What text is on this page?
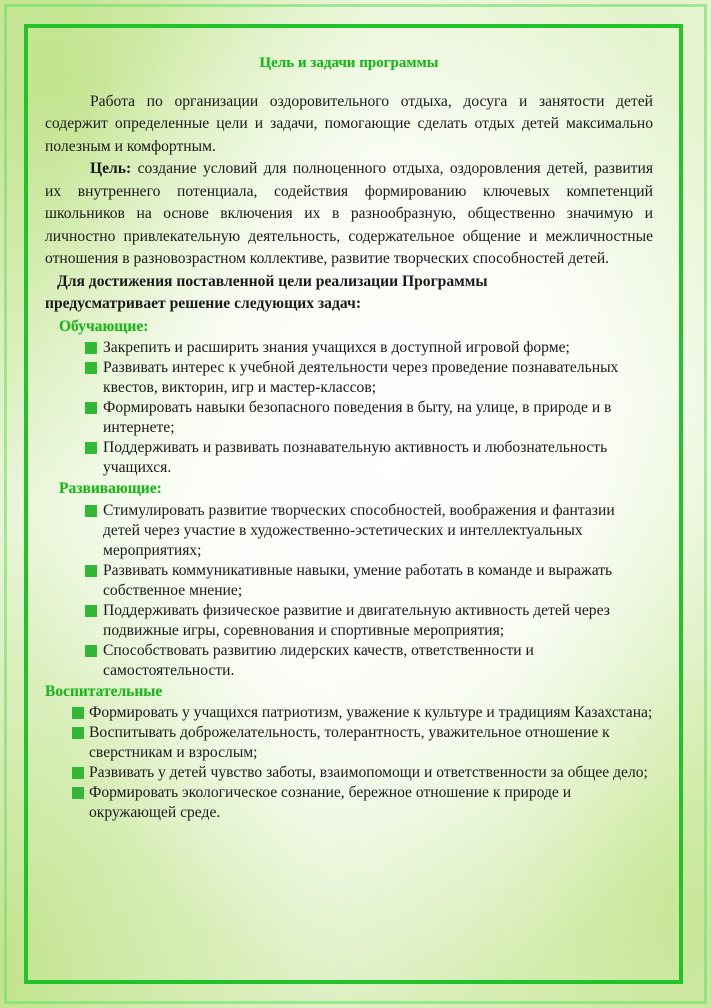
Цель и задачи программы

Работа по организации оздоровительного отдыха, досуга и занятости детей содержит определенные цели и задачи, помогающие сделать отдых детей максимально полезным и комфортным.

Цель: создание условий для полноценного отдыха, оздоровления детей, развития их внутреннего потенциала, содействия формированию ключевых компетенций школьников на основе включения их в разнообразную, общественно значимую и личностно привлекательную деятельность, содержательное общение и межличностные отношения в разновозрастном коллективе, развитие творческих способностей детей.

Для достижения поставленной цели реализации Программы

предусматривает решение следующих задач:

Обучающие:

Закрепить и расширить знания учащихся в доступной игровой форме;
Развивать интерес к учебной деятельности через проведение познавательных квестов, викторин, игр и мастер-классов;
Формировать навыки безопасного поведения в быту, на улице, в природе и в интернете;
Поддерживать и развивать познавательную активность и любознательность учащихся.

Развивающие:

Стимулировать развитие творческих способностей, воображения и фантазии детей через участие в художественно-эстетических и интеллектуальных мероприятиях;
Развивать коммуникативные навыки, умение работать в команде и выражать собственное мнение;
Поддерживать физическое развитие и двигательную активность детей через подвижные игры, соревнования и спортивные мероприятия;
Способствовать развитию лидерских качеств, ответственности и самостоятельности.

Воспитательные

Формировать у учащихся патриотизм, уважение к культуре и традициям Казахстана;
Воспитывать доброжелательность, толерантность, уважительное отношение к сверстникам и взрослым;
Развивать у детей чувство заботы, взаимопомощи и ответственности за общее дело;
Формировать экологическое сознание, бережное отношение к природе и окружающей среде.
